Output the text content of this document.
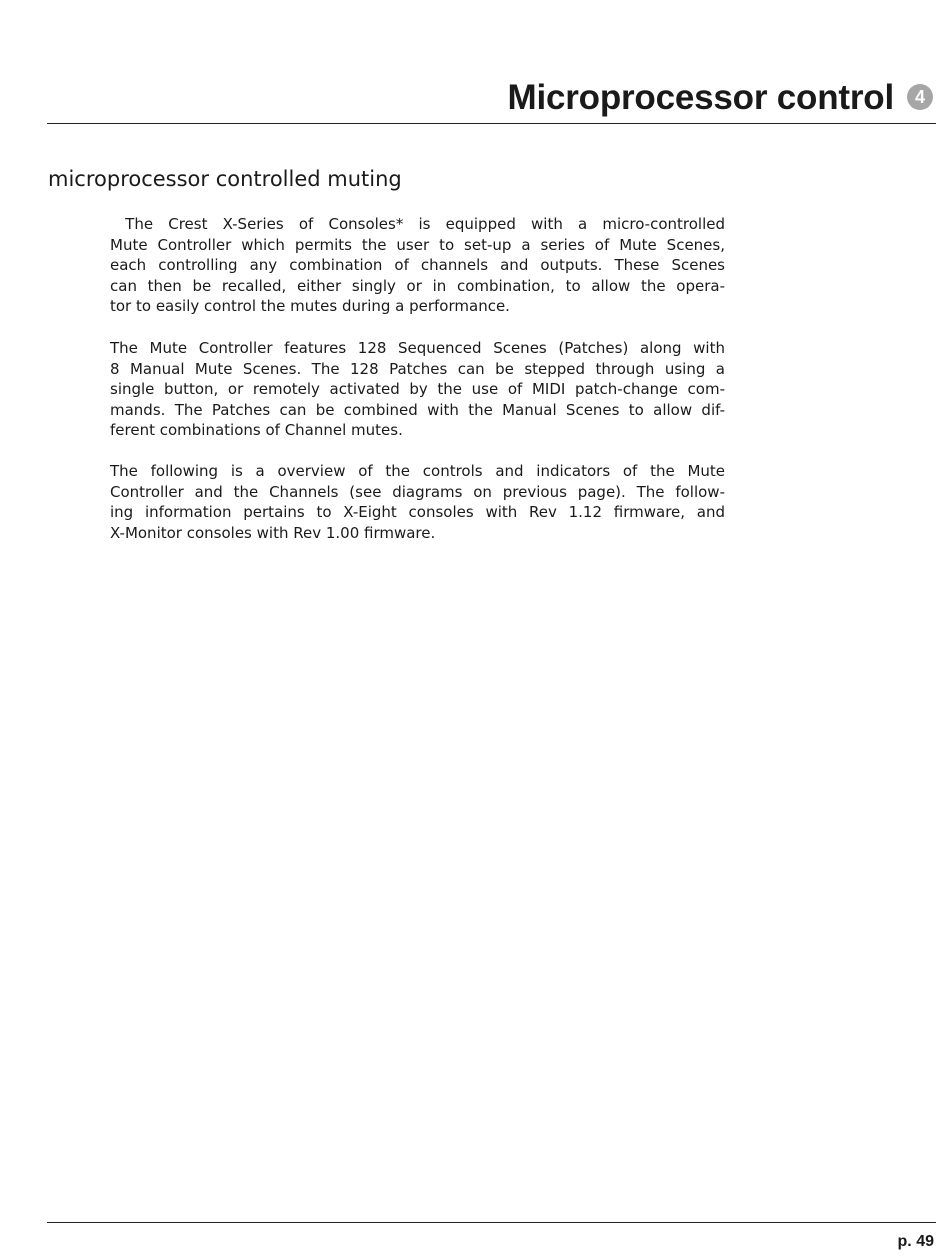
Microprocessor control	4
microprocessor controlled muting
The Crest X-Series of Consoles* is equipped with a micro-controlled
Mute Controller which permits the user to set-up a series of Mute Scenes,
each controlling any combination of channels and outputs. These Scenes
can then be recalled, either singly or in combination, to allow the opera-
tor to easily control the mutes during a performance.
The Mute Controller features 128 Sequenced Scenes (Patches) along with
8 Manual Mute Scenes. The 128 Patches can be stepped through using a
single button, or remotely activated by the use of MIDI patch-change com-
mands. The Patches can be combined with the Manual Scenes to allow dif-
ferent combinations of Channel mutes.
The following is a overview of the controls and indicators of the Mute
Controller and the Channels (see diagrams on previous page). The follow-
ing information pertains to X-Eight consoles with Rev 1.12 firmware, and
X-Monitor consoles with Rev 1.00 firmware.
p. 49
